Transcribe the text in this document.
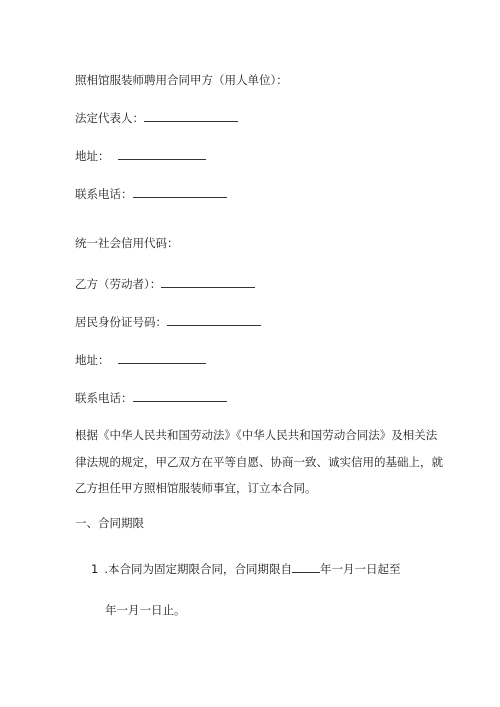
照相馆服装师聘用合同甲方（用人单位）：
法定代表人：
地址：
联系电话：
统一社会信用代码：
乙方（劳动者）：
居民身份证号码：
地址：
联系电话：
根据《中华人民共和国劳动法》《中华人民共和国劳动合同法》及相关法
律法规的规定，甲乙双方在平等自愿、协商一致、诚实信用的基础上，就
乙方担任甲方照相馆服装师事宜，订立本合同。
一、合同期限
1 .本合同为固定期限合同，合同期限自 年一月一日起至
年一月一日止。
